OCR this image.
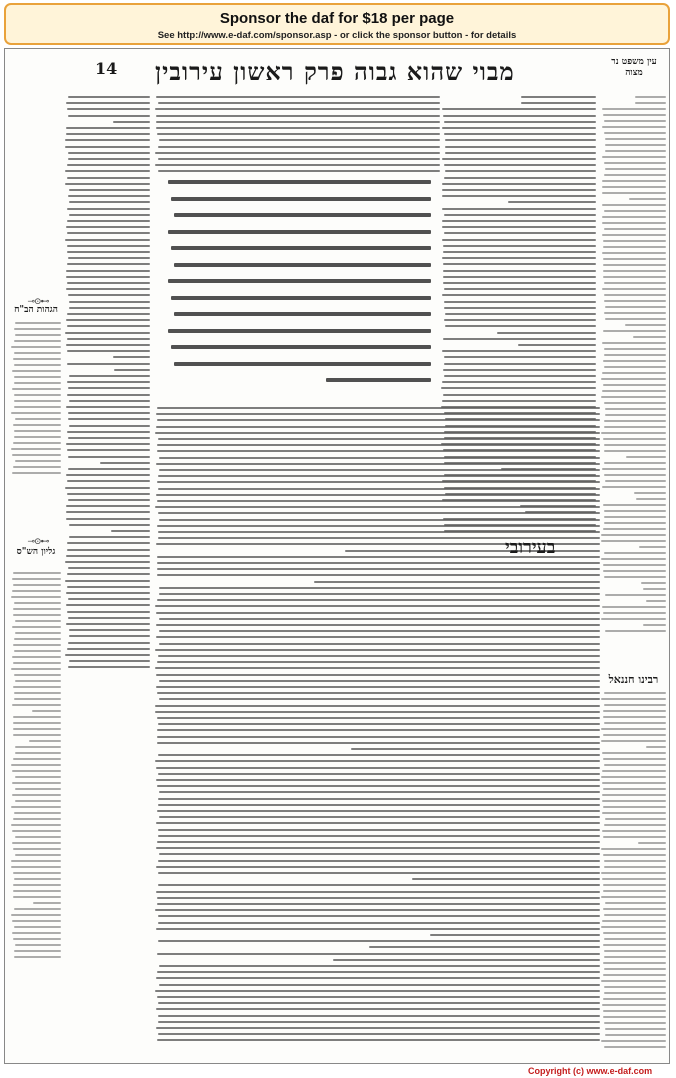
Sponsor the daf for $18 per page
See http://www.e-daf.com/sponsor.asp - or click the sponsor button - for details
14 מבוי שהוא גבוה פרק ראשון עירובין	עין משפט נר מצוה
⊸⊙⊷
הגהות הב"ח
⊸⊙⊷
גליון הש"ס	בעירובי
רבינו חננאל
Copyright (c) www.e-daf.com
